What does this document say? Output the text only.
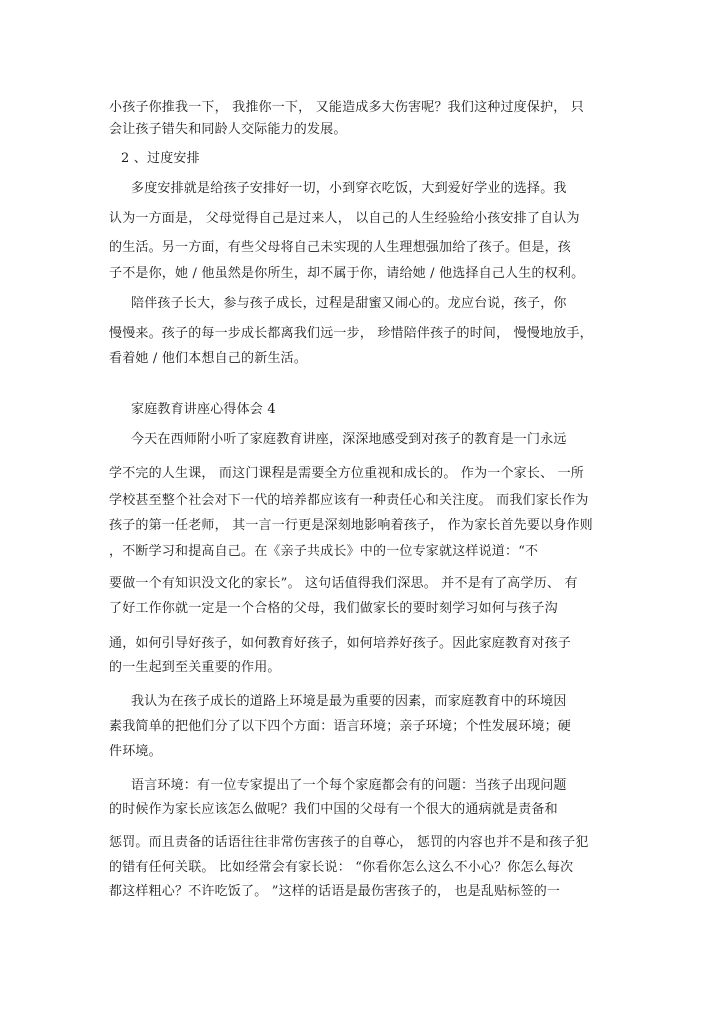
小孩子你推我一下， 我推你一下， 又能造成多大伤害呢？我们这种过度保护， 只
会让孩子错失和同龄人交际能力的发展。
2 、过度安排
多度安排就是给孩子安排好一切，小到穿衣吃饭，大到爱好学业的选择。我
认为一方面是， 父母觉得自己是过来人， 以自己的人生经验给小孩安排了自认为
的生活。另一方面，有些父母将自己未实现的人生理想强加给了孩子。但是，孩
子不是你，她 / 他虽然是你所生，却不属于你，请给她 / 他选择自己人生的权利。
陪伴孩子长大，参与孩子成长，过程是甜蜜又闹心的。龙应台说，孩子，你
慢慢来。孩子的每一步成长都离我们远一步， 珍惜陪伴孩子的时间， 慢慢地放手，
看着她 / 他们本想自己的新生活。
家庭教育讲座心得体会 4
今天在西师附小听了家庭教育讲座，深深地感受到对孩子的教育是一门永远
学不完的人生课， 而这门课程是需要全方位重视和成长的。 作为一个家长、 一所
学校甚至整个社会对下一代的培养都应该有一种责任心和关注度。 而我们家长作为
孩子的第一任老师， 其一言一行更是深刻地影响着孩子， 作为家长首先要以身作则
，不断学习和提高自己。在《亲子共成长》中的一位专家就这样说道：“不
要做一个有知识没文化的家长”。 这句话值得我们深思。 并不是有了高学历、 有
了好工作你就一定是一个合格的父母，我们做家长的要时刻学习如何与孩子沟
通，如何引导好孩子，如何教育好孩子，如何培养好孩子。因此家庭教育对孩子
的一生起到至关重要的作用。
我认为在孩子成长的道路上环境是最为重要的因素，而家庭教育中的环境因
素我简单的把他们分了以下四个方面：语言环境；亲子环境；个性发展环境；硬
件环境。
语言环境：有一位专家提出了一个每个家庭都会有的问题：当孩子出现问题
的时候作为家长应该怎么做呢？我们中国的父母有一个很大的通病就是责备和
惩罚。而且责备的话语往往非常伤害孩子的自尊心， 惩罚的内容也并不是和孩子犯
的错有任何关联。 比如经常会有家长说： “你看你怎么这么不小心？你怎么每次
都这样粗心？不许吃饭了。 ”这样的话语是最伤害孩子的， 也是乱贴标签的一
